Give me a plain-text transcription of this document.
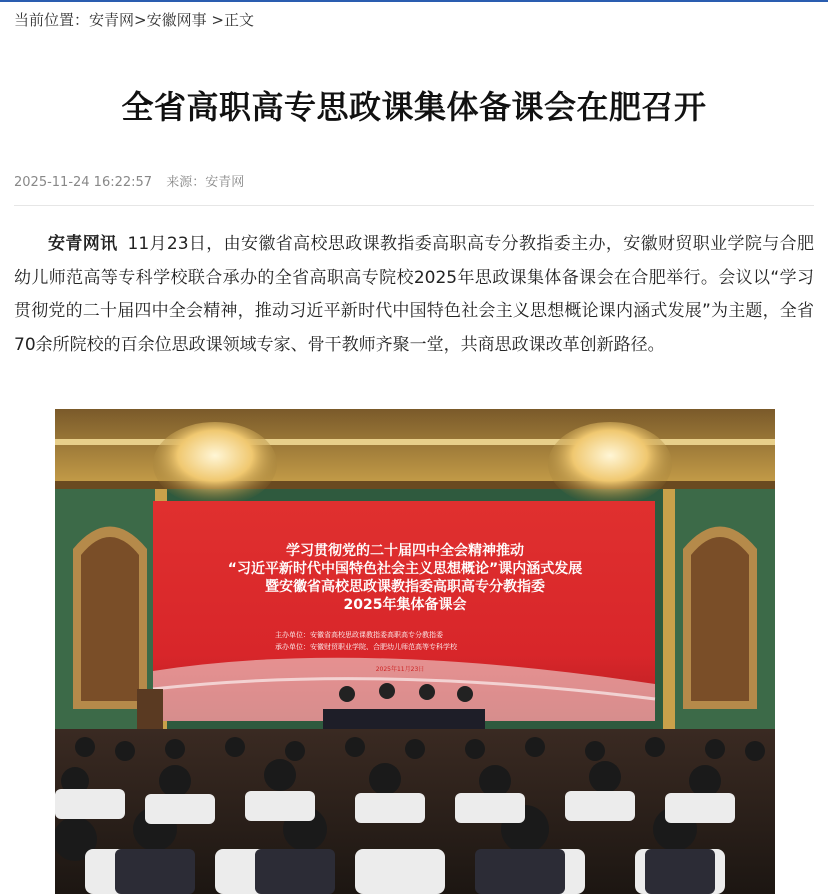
当前位置：安青网>安徽网事 >正文
全省高职高专思政课集体备课会在肥召开
2025-11-24 16:22:57 来源：安青网

安青网讯 11月23日，由安徽省高校思政课教指委高职高专分教指委主办，安徽财贸职业学院与合肥幼儿师范高等专科学校联合承办的全省高职高专院校2025年思政课集体备课会在合肥举行。会议以“学习贯彻党的二十届四中全会精神，推动习近平新时代中国特色社会主义思想概论课内涵式发展”为主题，全省70余所院校的百余位思政课领域专家、骨干教师齐聚一堂，共商思政课改革创新路径。

学习贯彻党的二十届四中全会精神推动
“习近平新时代中国特色社会主义思想概论”课内涵式发展
暨安徽省高校思政课教指委高职高专分教指委
2025年集体备课会
主办单位：安徽省高校思政课教指委高职高专分教指委
承办单位：安徽财贸职业学院、合肥幼儿师范高等专科学校
2025年11月23日
